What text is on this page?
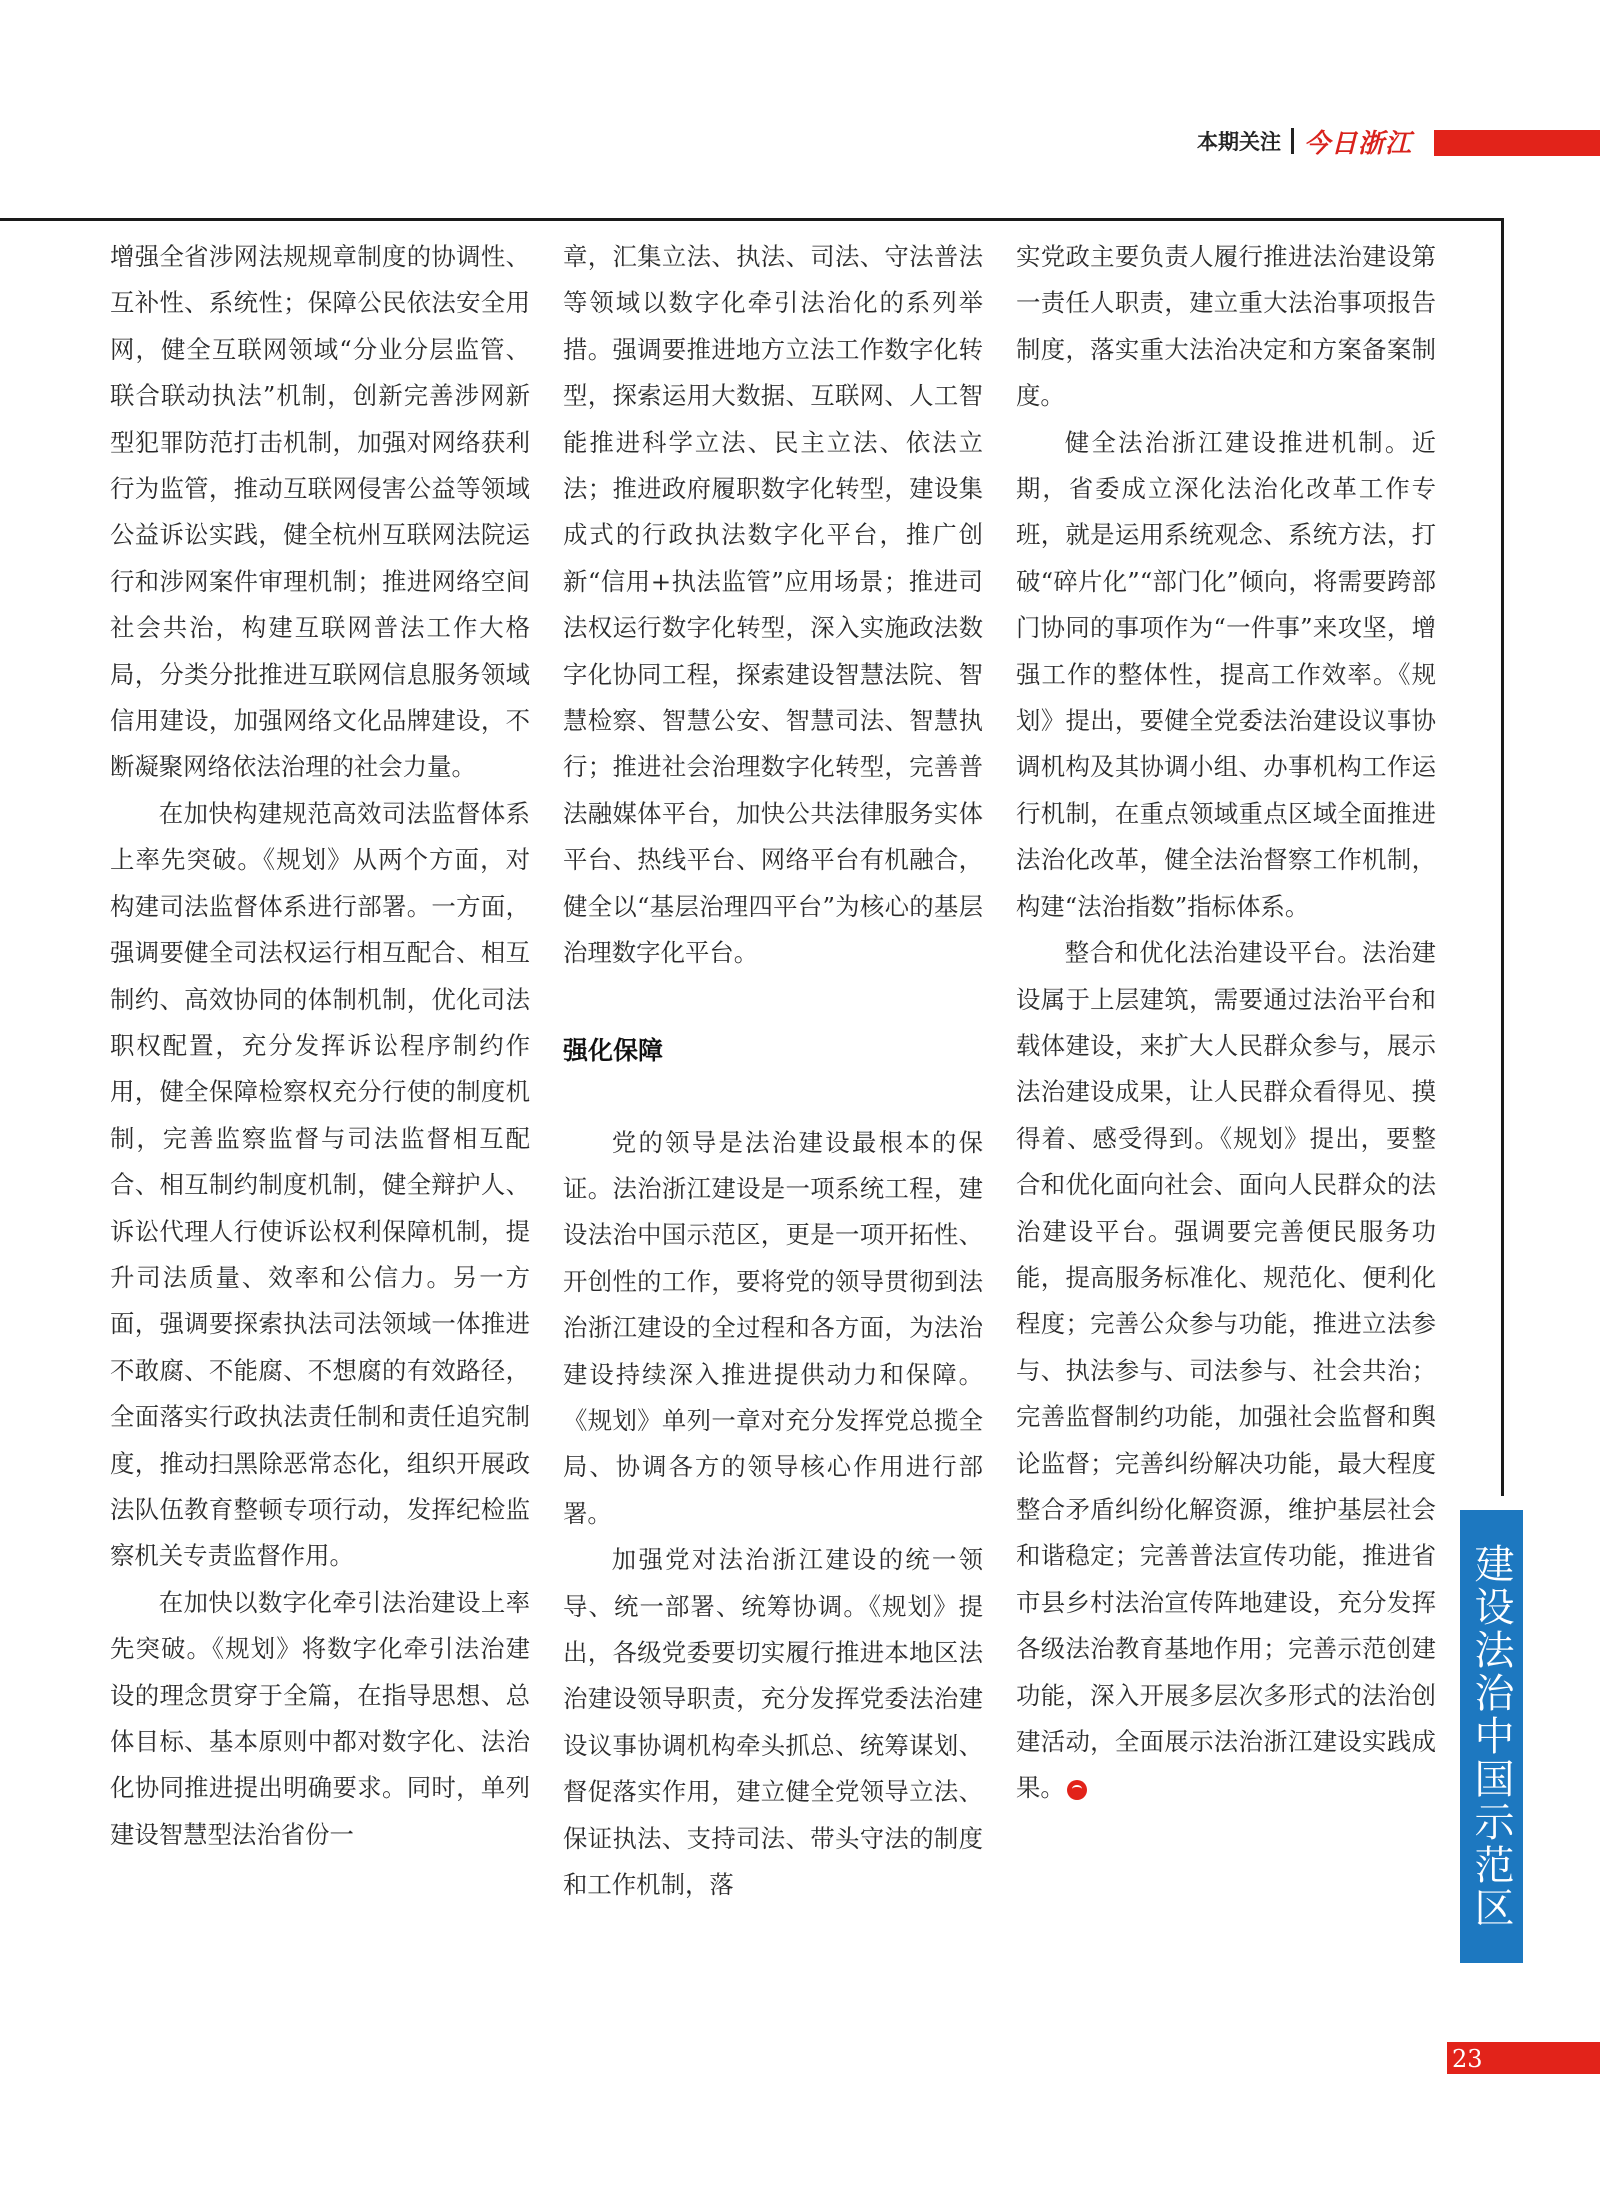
本期关注 今日浙江

增强全省涉网法规规章制度的协调性、互补性、系统性；保障公民依法安全用网，健全互联网领域“分业分层监管、联合联动执法”机制，创新完善涉网新型犯罪防范打击机制，加强对网络获利行为监管，推动互联网侵害公益等领域公益诉讼实践，健全杭州互联网法院运行和涉网案件审理机制；推进网络空间社会共治，构建互联网普法工作大格局，分类分批推进互联网信息服务领域信用建设，加强网络文化品牌建设，不断凝聚网络依法治理的社会力量。

在加快构建规范高效司法监督体系上率先突破。《规划》从两个方面，对构建司法监督体系进行部署。一方面，强调要健全司法权运行相互配合、相互制约、高效协同的体制机制，优化司法职权配置，充分发挥诉讼程序制约作用，健全保障检察权充分行使的制度机制，完善监察监督与司法监督相互配合、相互制约制度机制，健全辩护人、诉讼代理人行使诉讼权利保障机制，提升司法质量、效率和公信力。另一方面，强调要探索执法司法领域一体推进不敢腐、不能腐、不想腐的有效路径，全面落实行政执法责任制和责任追究制度，推动扫黑除恶常态化，组织开展政法队伍教育整顿专项行动，发挥纪检监察机关专责监督作用。

在加快以数字化牵引法治建设上率先突破。《规划》将数字化牵引法治建设的理念贯穿于全篇，在指导思想、总体目标、基本原则中都对数字化、法治化协同推进提出明确要求。同时，单列建设智慧型法治省份一

章，汇集立法、执法、司法、守法普法等领域以数字化牵引法治化的系列举措。强调要推进地方立法工作数字化转型，探索运用大数据、互联网、人工智能推进科学立法、民主立法、依法立法；推进政府履职数字化转型，建设集成式的行政执法数字化平台，推广创新“信用+执法监管”应用场景；推进司法权运行数字化转型，深入实施政法数字化协同工程，探索建设智慧法院、智慧检察、智慧公安、智慧司法、智慧执行；推进社会治理数字化转型，完善普法融媒体平台，加快公共法律服务实体平台、热线平台、网络平台有机融合，健全以“基层治理四平台”为核心的基层治理数字化平台。

强化保障

党的领导是法治建设最根本的保证。法治浙江建设是一项系统工程，建设法治中国示范区，更是一项开拓性、开创性的工作，要将党的领导贯彻到法治浙江建设的全过程和各方面，为法治建设持续深入推进提供动力和保障。《规划》单列一章对充分发挥党总揽全局、协调各方的领导核心作用进行部署。

加强党对法治浙江建设的统一领导、统一部署、统筹协调。《规划》提出，各级党委要切实履行推进本地区法治建设领导职责，充分发挥党委法治建设议事协调机构牵头抓总、统筹谋划、督促落实作用，建立健全党领导立法、保证执法、支持司法、带头守法的制度和工作机制，落

实党政主要负责人履行推进法治建设第一责任人职责，建立重大法治事项报告制度，落实重大法治决定和方案备案制度。

健全法治浙江建设推进机制。近期，省委成立深化法治化改革工作专班，就是运用系统观念、系统方法，打破“碎片化”“部门化”倾向，将需要跨部门协同的事项作为“一件事”来攻坚，增强工作的整体性，提高工作效率。《规划》提出，要健全党委法治建设议事协调机构及其协调小组、办事机构工作运行机制，在重点领域重点区域全面推进法治化改革，健全法治督察工作机制，构建“法治指数”指标体系。

整合和优化法治建设平台。法治建设属于上层建筑，需要通过法治平台和载体建设，来扩大人民群众参与，展示法治建设成果，让人民群众看得见、摸得着、感受得到。《规划》提出，要整合和优化面向社会、面向人民群众的法治建设平台。强调要完善便民服务功能，提高服务标准化、规范化、便利化程度；完善公众参与功能，推进立法参与、执法参与、司法参与、社会共治；完善监督制约功能，加强社会监督和舆论监督；完善纠纷解决功能，最大程度整合矛盾纠纷化解资源，维护基层社会和谐稳定；完善普法宣传功能，推进省市县乡村法治宣传阵地建设，充分发挥各级法治教育基地作用；完善示范创建功能，深入开展多层次多形式的法治创建活动，全面展示法治浙江建设实践成果。	建设法治中国示范区
23
